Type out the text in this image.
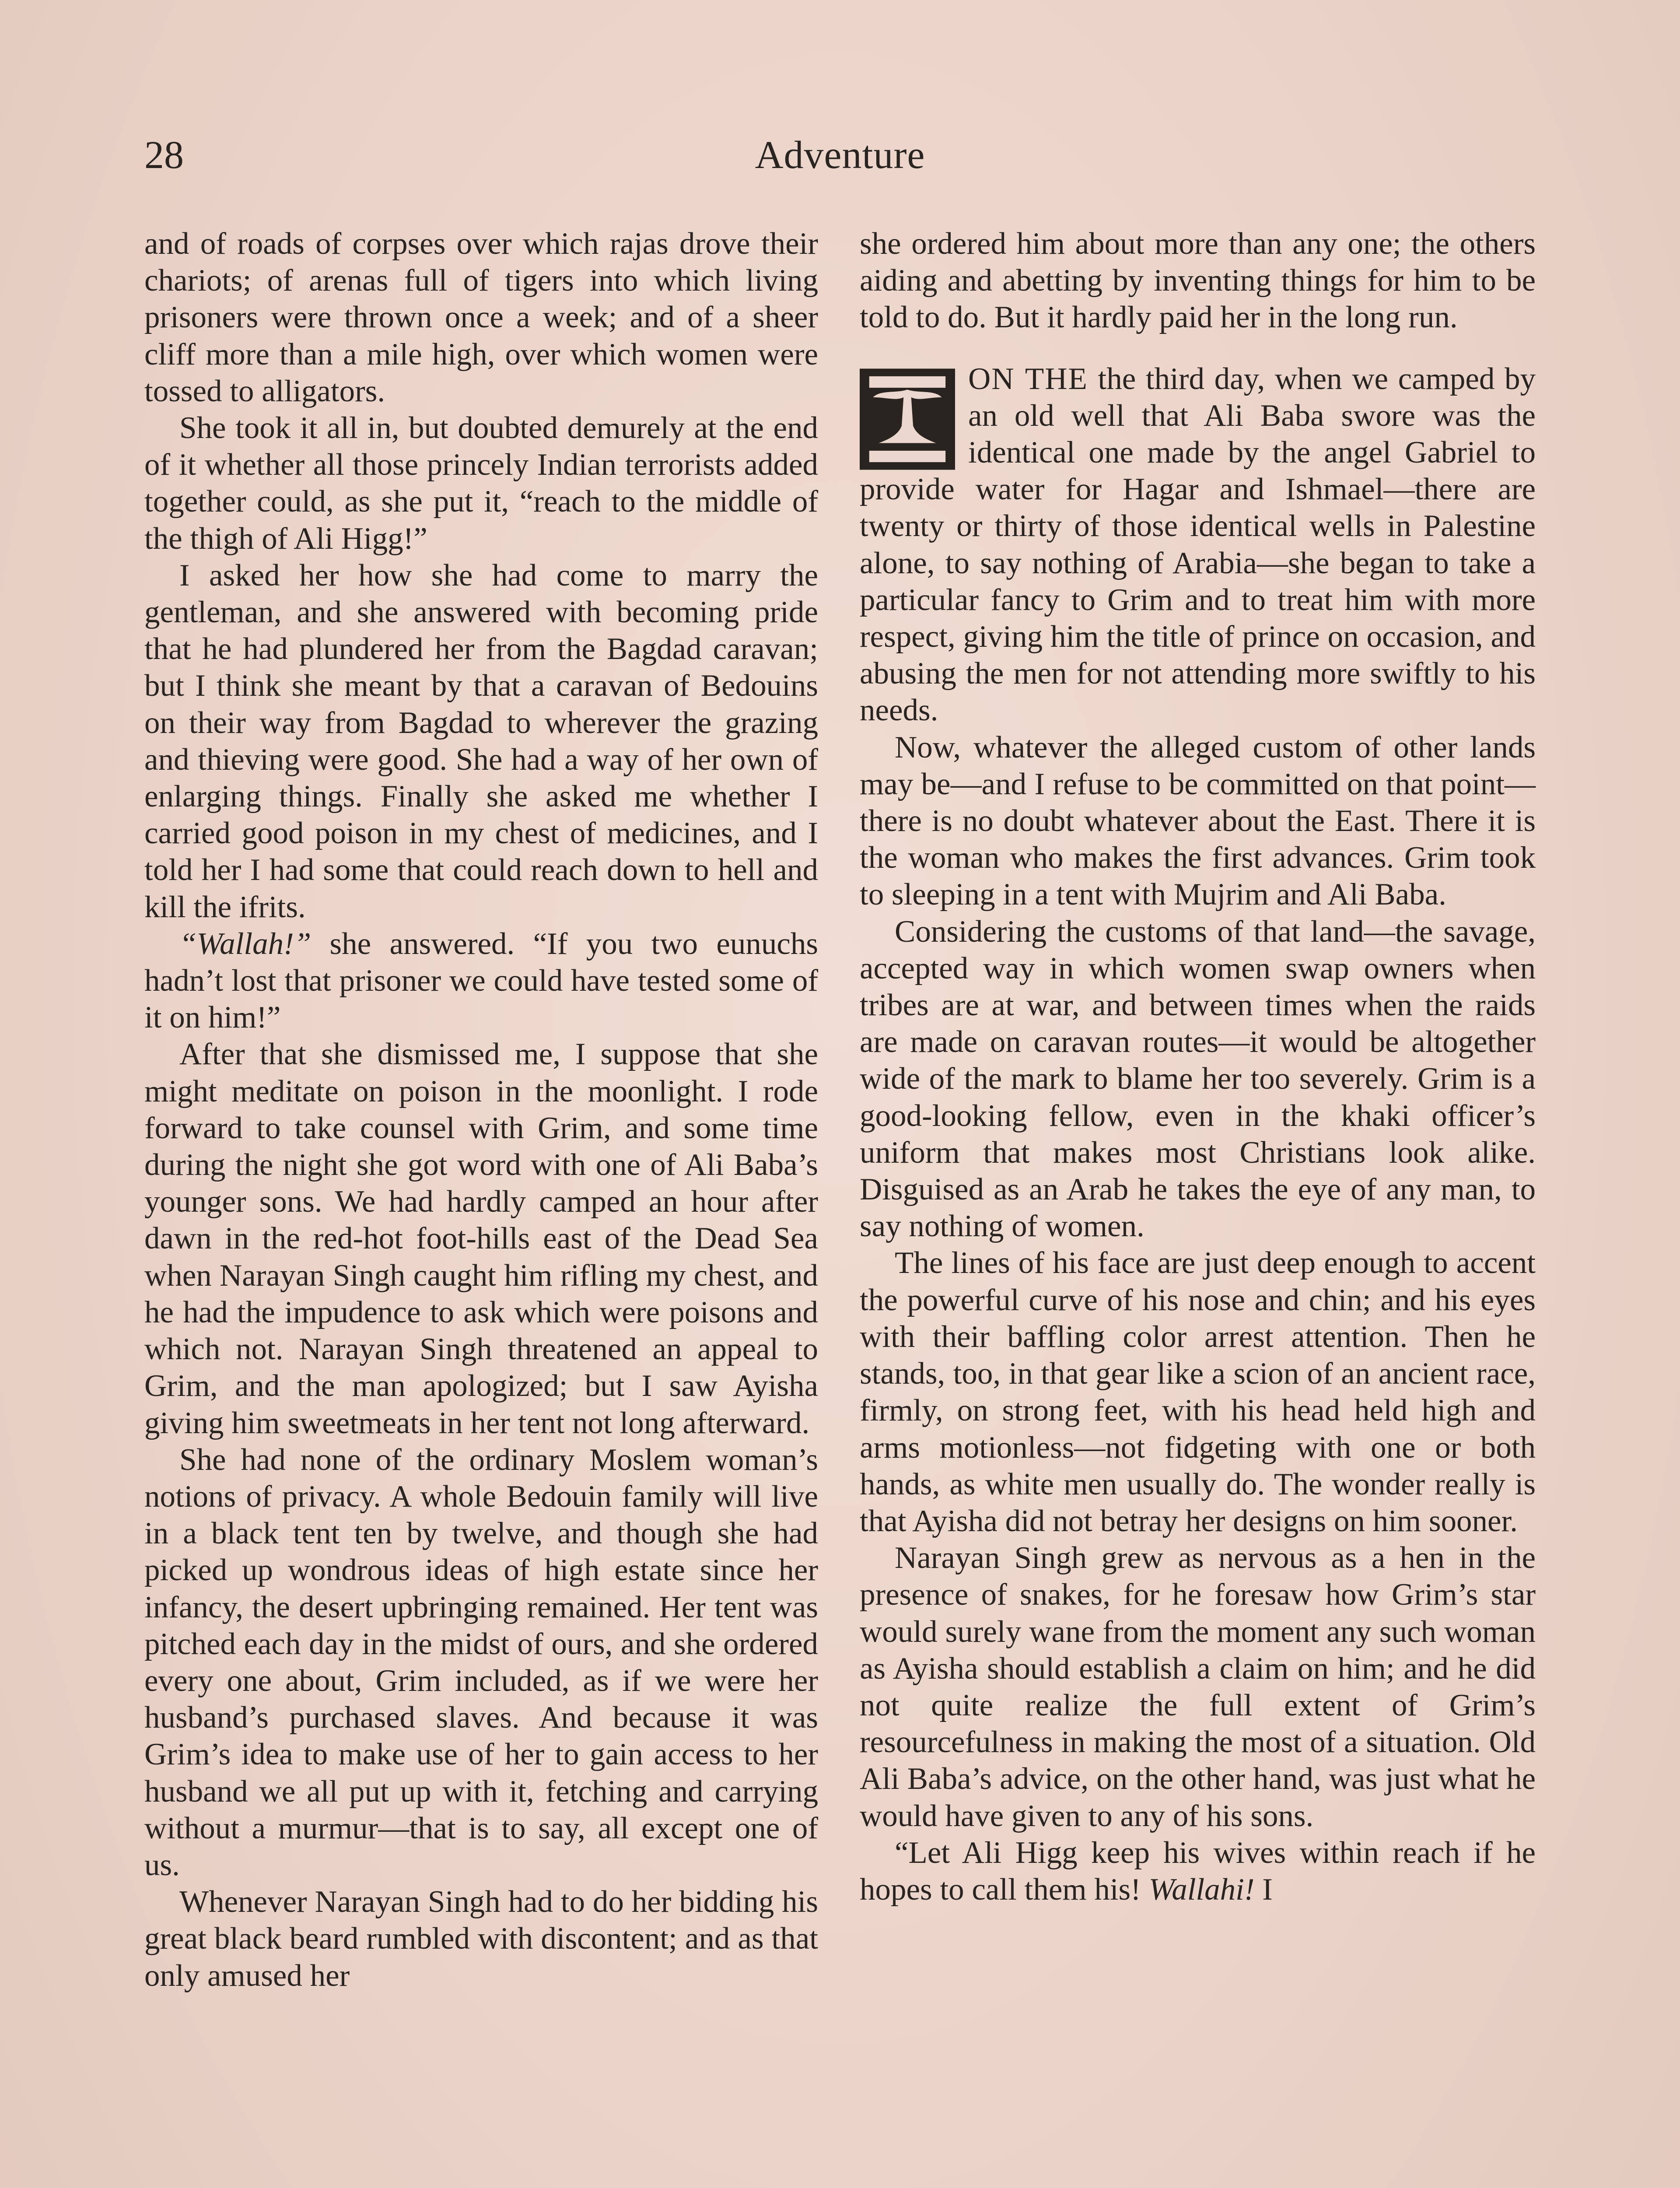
28	Adventure

and of roads of corpses over which rajas drove their chariots; of arenas full of tigers into which living prisoners were thrown once a week; and of a sheer cliff more than a mile high, over which women were tossed to alligators.

She took it all in, but doubted demurely at the end of it whether all those princely Indian terrorists added together could, as she put it, “reach to the middle of the thigh of Ali Higg!”

I asked her how she had come to marry the gentleman, and she answered with becoming pride that he had plundered her from the Bagdad caravan; but I think she meant by that a caravan of Bedouins on their way from Bagdad to wherever the grazing and thieving were good. She had a way of her own of enlarging things. Finally she asked me whether I carried good poison in my chest of medicines, and I told her I had some that could reach down to hell and kill the ifrits.

“Wallah!” she answered. “If you two eunuchs hadn’t lost that prisoner we could have tested some of it on him!”

After that she dismissed me, I suppose that she might meditate on poison in the moonlight. I rode forward to take counsel with Grim, and some time during the night she got word with one of Ali Baba’s younger sons. We had hardly camped an hour after dawn in the red-hot foot-hills east of the Dead Sea when Narayan Singh caught him rifling my chest, and he had the impudence to ask which were poisons and which not. Narayan Singh threatened an appeal to Grim, and the man apologized; but I saw Ayisha giving him sweetmeats in her tent not long afterward.

She had none of the ordinary Moslem woman’s notions of privacy. A whole Bedouin family will live in a black tent ten by twelve, and though she had picked up wondrous ideas of high estate since her infancy, the desert upbringing remained. Her tent was pitched each day in the midst of ours, and she ordered every one about, Grim included, as if we were her husband’s purchased slaves. And because it was Grim’s idea to make use of her to gain access to her husband we all put up with it, fetching and carrying without a murmur—that is to say, all except one of us.

Whenever Narayan Singh had to do her bidding his great black beard rumbled with discontent; and as that only amused her

she ordered him about more than any one; the others aiding and abetting by inventing things for him to be told to do. But it hardly paid her in the long run.

ON THE the third day, when we camped by an old well that Ali Baba swore was the identical one made by the angel Gabriel to provide water for Hagar and Ishmael—there are twenty or thirty of those identical wells in Palestine alone, to say nothing of Arabia—she began to take a particular fancy to Grim and to treat him with more respect, giving him the title of prince on occasion, and abusing the men for not attending more swiftly to his needs.

Now, whatever the alleged custom of other lands may be—and I refuse to be committed on that point—there is no doubt whatever about the East. There it is the woman who makes the first advances. Grim took to sleeping in a tent with Mujrim and Ali Baba.

Considering the customs of that land—the savage, accepted way in which women swap owners when tribes are at war, and between times when the raids are made on caravan routes—it would be altogether wide of the mark to blame her too severely. Grim is a good-looking fellow, even in the khaki officer’s uniform that makes most Christians look alike. Disguised as an Arab he takes the eye of any man, to say nothing of women.

The lines of his face are just deep enough to accent the powerful curve of his nose and chin; and his eyes with their baffling color arrest attention. Then he stands, too, in that gear like a scion of an ancient race, firmly, on strong feet, with his head held high and arms motionless—not fidgeting with one or both hands, as white men usually do. The wonder really is that Ayisha did not betray her designs on him sooner.

Narayan Singh grew as nervous as a hen in the presence of snakes, for he foresaw how Grim’s star would surely wane from the moment any such woman as Ayisha should establish a claim on him; and he did not quite realize the full extent of Grim’s resourcefulness in making the most of a situation. Old Ali Baba’s advice, on the other hand, was just what he would have given to any of his sons.

“Let Ali Higg keep his wives within reach if he hopes to call them his! Wallahi! I
